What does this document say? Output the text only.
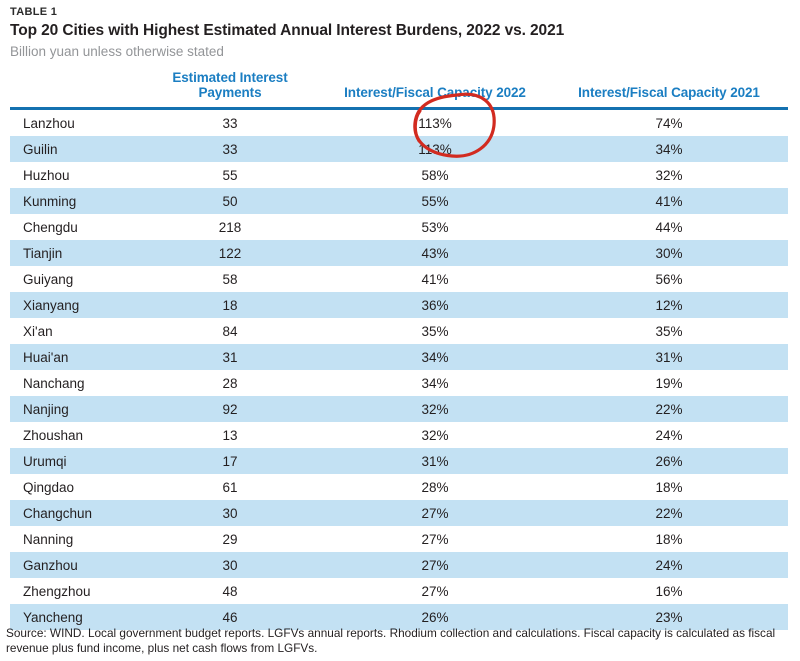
TABLE 1
Top 20 Cities with Highest Estimated Annual Interest Burdens, 2022 vs. 2021
Billion yuan unless otherwise stated
	Estimated Interest Payments	Interest/Fiscal Capacity 2022	Interest/Fiscal Capacity 2021
Lanzhou	33	113%	74%
Guilin	33	113%	34%
Huzhou	55	58%	32%
Kunming	50	55%	41%
Chengdu	218	53%	44%
Tianjin	122	43%	30%
Guiyang	58	41%	56%
Xianyang	18	36%	12%
Xi'an	84	35%	35%
Huai'an	31	34%	31%
Nanchang	28	34%	19%
Nanjing	92	32%	22%
Zhoushan	13	32%	24%
Urumqi	17	31%	26%
Qingdao	61	28%	18%
Changchun	30	27%	22%
Nanning	29	27%	18%
Ganzhou	30	27%	24%
Zhengzhou	48	27%	16%
Yancheng	46	26%	23%
Source: WIND. Local government budget reports. LGFVs annual reports. Rhodium collection and calculations. Fiscal capacity is calculated as fiscal revenue plus fund income, plus net cash flows from LGFVs.
